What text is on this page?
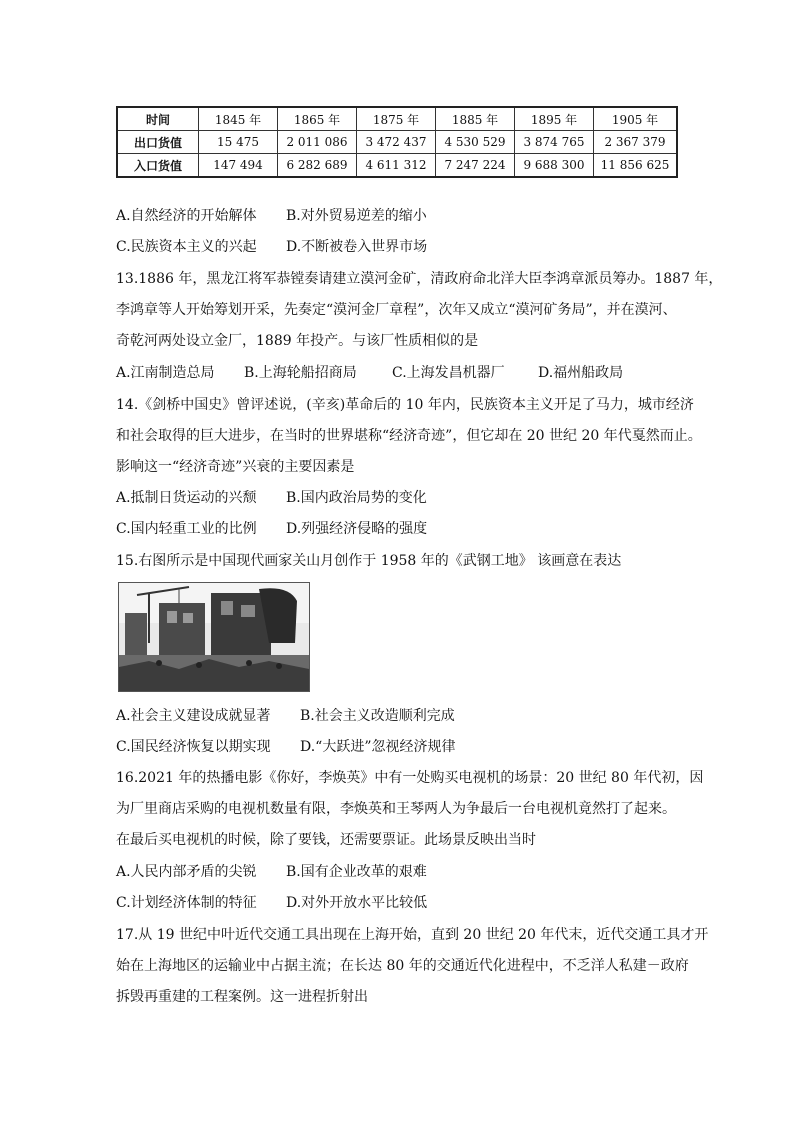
时间	1845 年	1865 年	1875 年	1885 年	1895 年	1905 年
出口货值	15 475	2 011 086	3 472 437	4 530 529	3 874 765	2 367 379
入口货值	147 494	6 282 689	4 611 312	7 247 224	9 688 300	11 856 625
A.自然经济的开始解体 B.对外贸易逆差的缩小
C.民族资本主义的兴起 D.不断被卷入世界市场
13.1886 年，黑龙江将军恭镗奏请建立漠河金矿，清政府命北洋大臣李鸿章派员筹办。1887 年，
李鸿章等人开始筹划开采，先奏定“漠河金厂章程”，次年又成立“漠河矿务局”，并在漠河、
奇乾河两处设立金厂，1889 年投产。与该厂性质相似的是
A.江南制造总局 B.上海轮船招商局	C.上海发昌机器厂 D.福州船政局
14.《剑桥中国史》曾评述说，(辛亥)革命后的 10 年内，民族资本主义开足了马力，城市经济
和社会取得的巨大进步，在当时的世界堪称“经济奇迹”，但它却在 20 世纪 20 年代戛然而止。
影响这一“经济奇迹”兴衰的主要因素是
A.抵制日货运动的兴颓 B.国内政治局势的变化
C.国内轻重工业的比例 D.列强经济侵略的强度
15.右图所示是中国现代画家关山月创作于 1958 年的《武钢工地》 该画意在表达
A.社会主义建设成就显著 B.社会主义改造顺利完成
C.国民经济恢复以期实现 D.“大跃进”忽视经济规律
16.2021 年的热播电影《你好，李焕英》中有一处购买电视机的场景：20 世纪 80 年代初，因
为厂里商店采购的电视机数量有限，李焕英和王琴两人为争最后一台电视机竟然打了起来。
在最后买电视机的时候，除了要钱，还需要票证。此场景反映出当时
A.人民内部矛盾的尖锐 B.国有企业改革的艰难
C.计划经济体制的特征 D.对外开放水平比较低
17.从 19 世纪中叶近代交通工具出现在上海开始，直到 20 世纪 20 年代末，近代交通工具才开
始在上海地区的运输业中占据主流；在长达 80 年的交通近代化进程中，不乏洋人私建－政府
拆毁再重建的工程案例。这一进程折射出
